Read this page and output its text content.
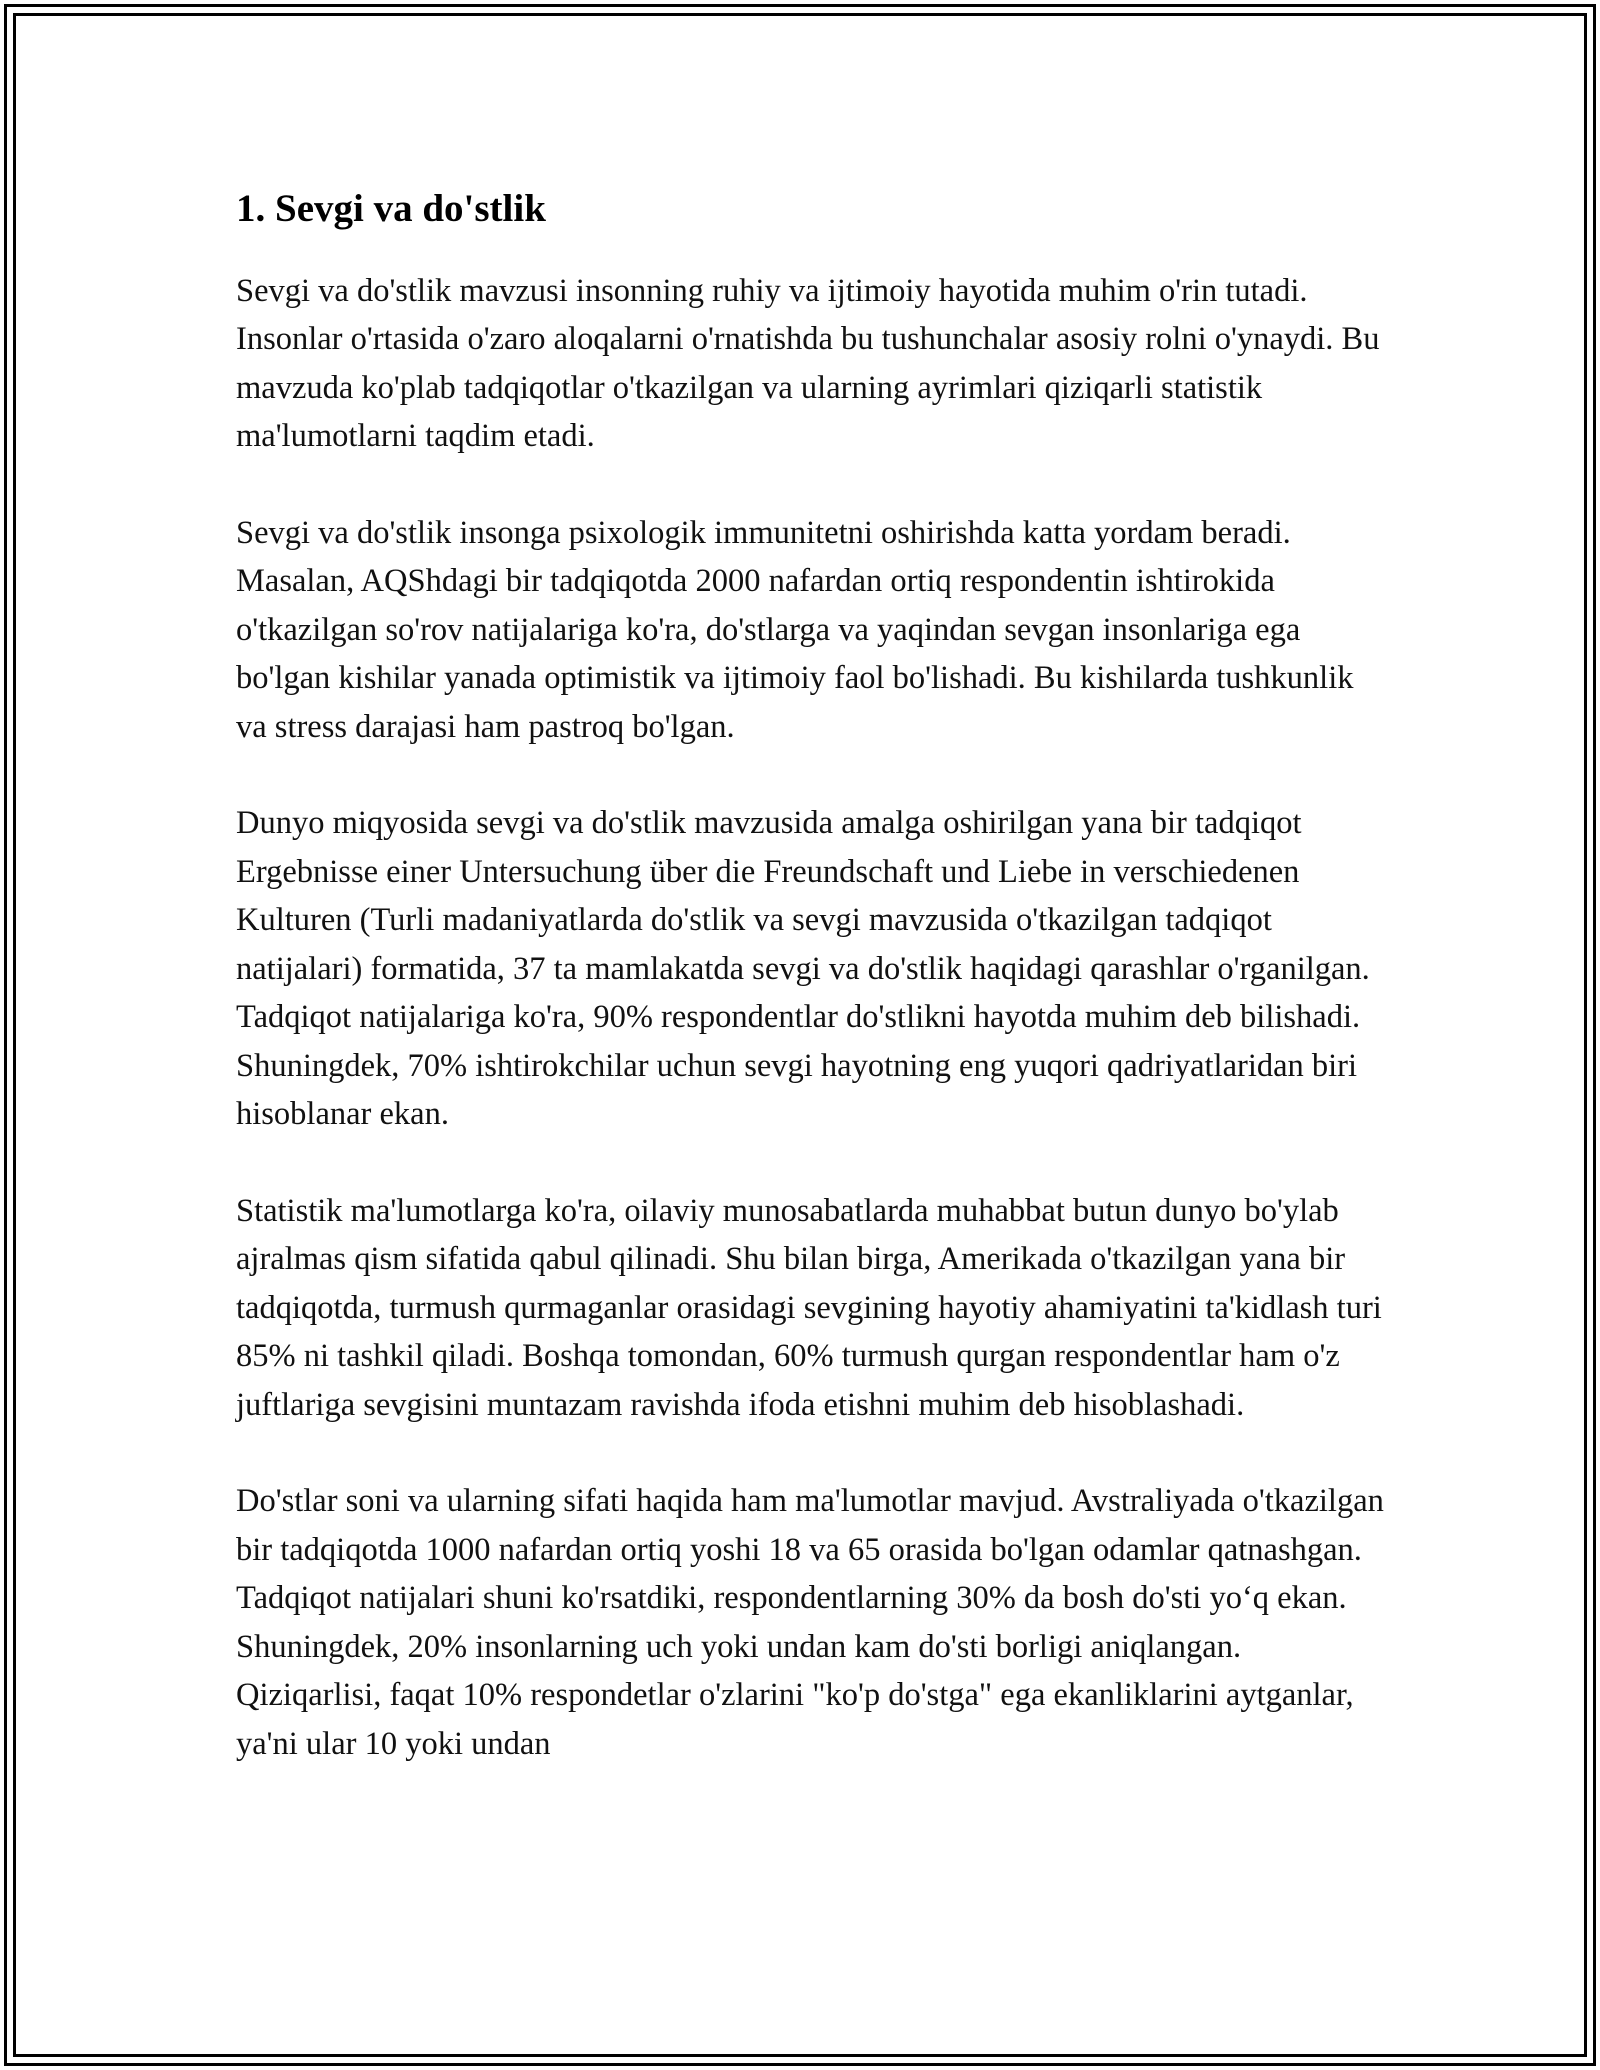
1. Sevgi va do'stlik

Sevgi va do'stlik mavzusi insonning ruhiy va ijtimoiy hayotida muhim o'rin tutadi. Insonlar o'rtasida o'zaro aloqalarni o'rnatishda bu tushunchalar asosiy rolni o'ynaydi. Bu mavzuda ko'plab tadqiqotlar o'tkazilgan va ularning ayrimlari qiziqarli statistik ma'lumotlarni taqdim etadi.

Sevgi va do'stlik insonga psixologik immunitetni oshirishda katta yordam beradi. Masalan, AQShdagi bir tadqiqotda 2000 nafardan ortiq respondentin ishtirokida o'tkazilgan so'rov natijalariga ko'ra, do'stlarga va yaqindan sevgan insonlariga ega bo'lgan kishilar yanada optimistik va ijtimoiy faol bo'lishadi. Bu kishilarda tushkunlik va stress darajasi ham pastroq bo'lgan.

Dunyo miqyosida sevgi va do'stlik mavzusida amalga oshirilgan yana bir tadqiqot Ergebnisse einer Untersuchung über die Freundschaft und Liebe in verschiedenen Kulturen (Turli madaniyatlarda do'stlik va sevgi mavzusida o'tkazilgan tadqiqot natijalari) formatida, 37 ta mamlakatda sevgi va do'stlik haqidagi qarashlar o'rganilgan. Tadqiqot natijalariga ko'ra, 90% respondentlar do'stlikni hayotda muhim deb bilishadi. Shuningdek, 70% ishtirokchilar uchun sevgi hayotning eng yuqori qadriyatlaridan biri hisoblanar ekan.

Statistik ma'lumotlarga ko'ra, oilaviy munosabatlarda muhabbat butun dunyo bo'ylab ajralmas qism sifatida qabul qilinadi. Shu bilan birga, Amerikada o'tkazilgan yana bir tadqiqotda, turmush qurmaganlar orasidagi sevgining hayotiy ahamiyatini ta'kidlash turi 85% ni tashkil qiladi. Boshqa tomondan, 60% turmush qurgan respondentlar ham o'z juftlariga sevgisini muntazam ravishda ifoda etishni muhim deb hisoblashadi.

Do'stlar soni va ularning sifati haqida ham ma'lumotlar mavjud. Avstraliyada o'tkazilgan bir tadqiqotda 1000 nafardan ortiq yoshi 18 va 65 orasida bo'lgan odamlar qatnashgan. Tadqiqot natijalari shuni ko'rsatdiki, respondentlarning 30% da bosh do'sti yo‘q ekan. Shuningdek, 20% insonlarning uch yoki undan kam do'sti borligi aniqlangan. Qiziqarlisi, faqat 10% respondetlar o'zlarini "ko'p do'stga" ega ekanliklarini aytganlar, ya'ni ular 10 yoki undan
